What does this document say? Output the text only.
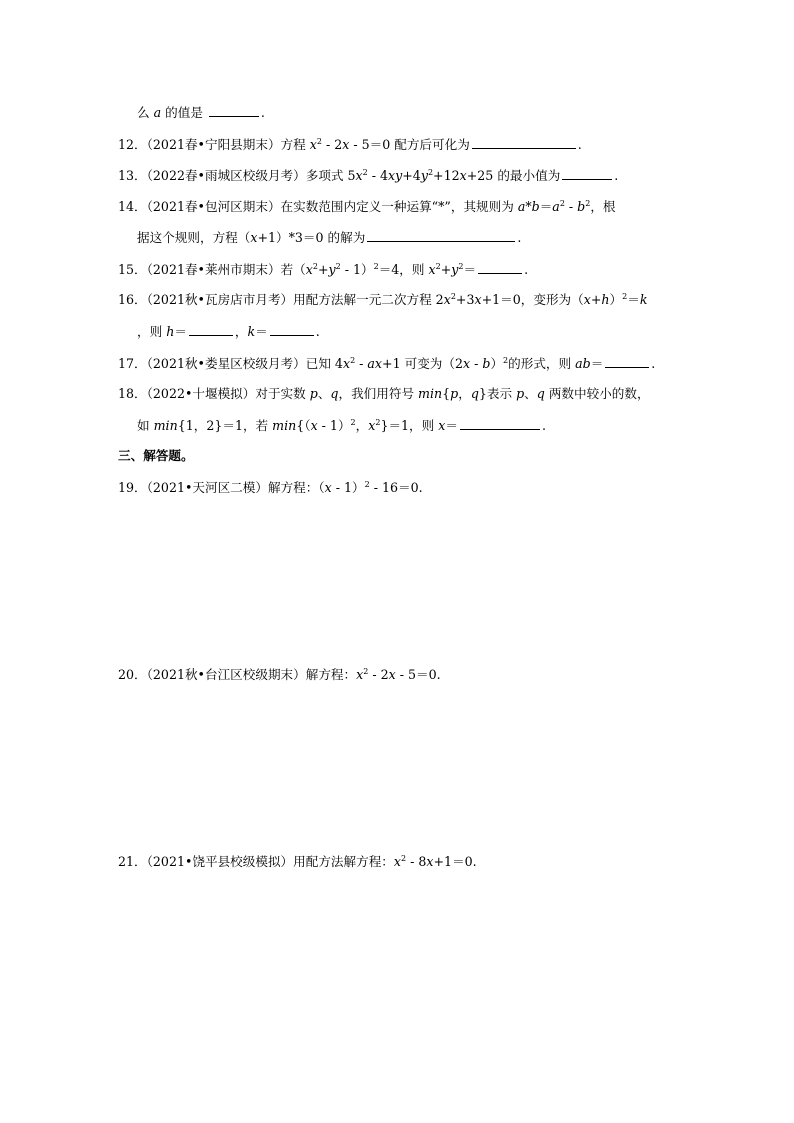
么 a 的值是	.
12．（2021春•宁阳县期末）方程 $x^2 - 2x - 5=0$ 配方后可化为	.
13．（2022春•雨城区校级月考）多项式 $5x^2 - 4xy+4y^2+12x+25$ 的最小值为	.
14．（2021春•包河区期末）在实数范围内定义一种运算“*”，其规则为 $a*b=a^2 - b^2$，根
据这个规则，方程（x+1）*3＝0 的解为	.
15．（2021春•莱州市期末）若$(x^2+y^2 - 1)^2=4$，则 $x^2+y^2=$	.
16．（2021秋•瓦房店市月考）用配方法解一元二次方程 $2x^2+3x+1=0$，变形为$(x+h)^2=k$
，则 h＝	，k＝	.
17．（2021秋•娄星区校级月考）已知 $4x^2 - ax+1$ 可变为（2x - b）$^2$的形式，则 ab＝	.
18．（2022•十堰模拟）对于实数 p、q，我们用符号 min{p，q}表示 p、q 两数中较小的数，
如 min{1，2}＝1，若 min{（x - 1）$^2$，$x^2\}=1$，则 x＝	.
三、解答题。
19．（2021•天河区二模）解方程：（x - 1）$^2$ - 16＝0.
20．（2021秋•台江区校级期末）解方程：$x^2 - 2x - 5=0$.
21．（2021•饶平县校级模拟）用配方法解方程：$x^2 - 8x+1=0$.
